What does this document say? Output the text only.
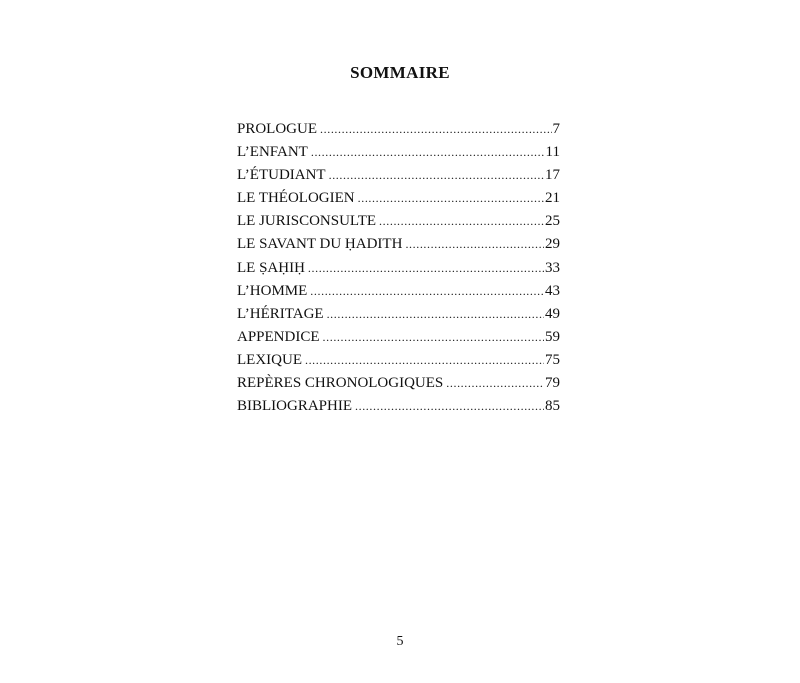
SOMMAIRE
PROLOGUE .....	7
L’ENFANT .....	11
L’ÉTUDIANT .....	17
LE THÉOLOGIEN .....	21
LE JURISCONSULTE .....	25
LE SAVANT DU ḤADITH .....	29
LE ṢAḤIḤ .....	33
L’HOMME .....	43
L’HÉRITAGE .....	49
APPENDICE .....	59
LEXIQUE .....	75
REPÈRES CHRONOLOGIQUES .....	79
BIBLIOGRAPHIE .....	85
5
